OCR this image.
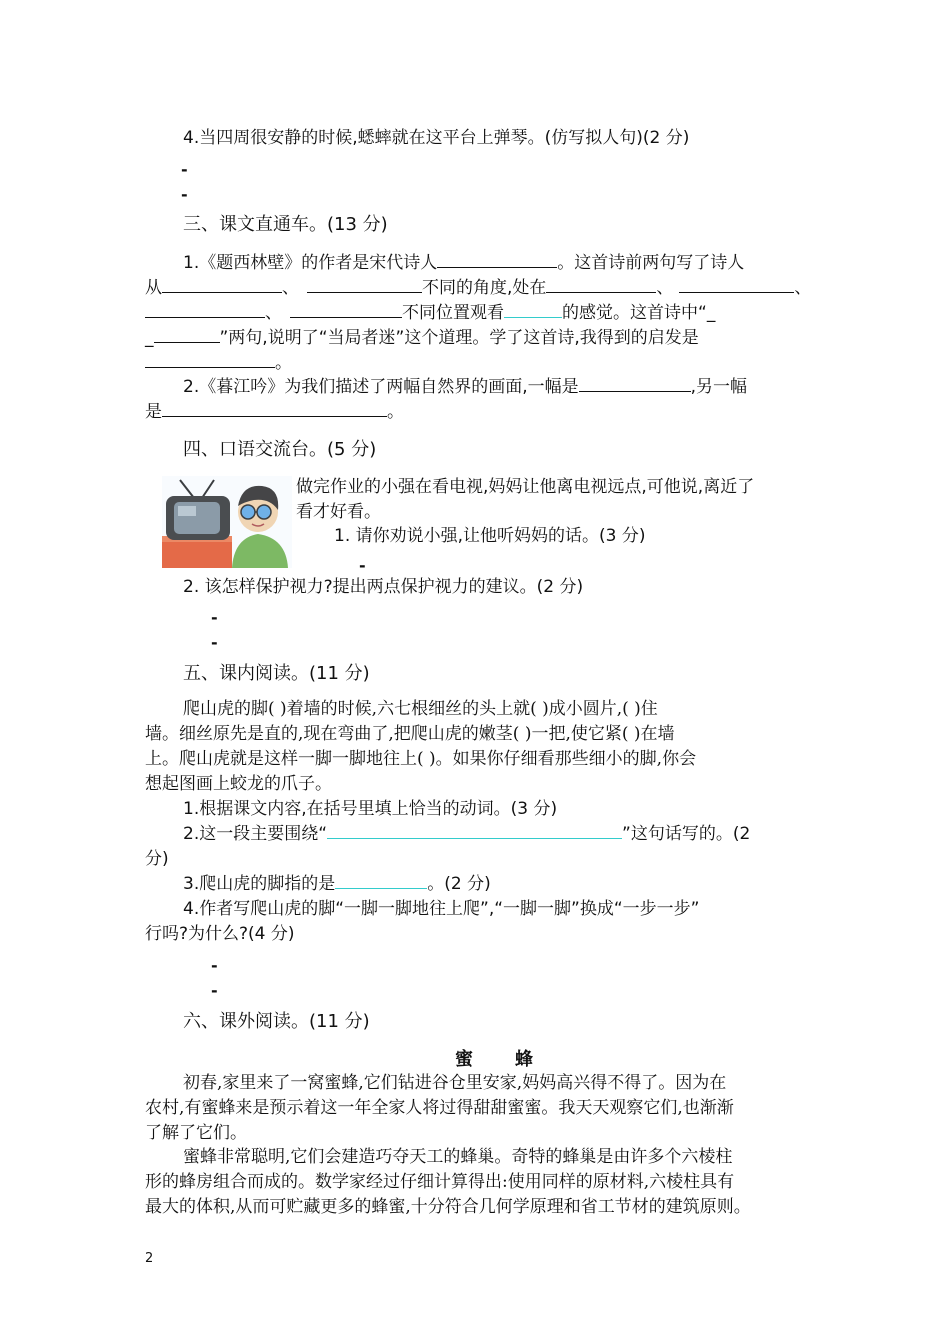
4.当四周很安静的时候,蟋蟀就在这平台上弹琴。(仿写拟人句)(2 分)
-
-
三、课文直通车。(13 分)
1.《题西林壁》的作者是宋代诗人	。这首诗前两句写了诗人
从	、	不同的角度,处在	、	、
、	不同位置观看	的感觉。这首诗中“_
_	”两句,说明了“当局者迷”这个道理。学了这首诗,我得到的启发是
。
2.《暮江吟》为我们描述了两幅自然界的画面,一幅是	,另一幅
是	。
四、口语交流台。(5 分)
做完作业的小强在看电视,妈妈让他离电视远点,可他说,离近了
看才好看。
1. 请你劝说小强,让他听妈妈的话。(3 分)
-
2. 该怎样保护视力?提出两点保护视力的建议。(2 分)
-
-
五、课内阅读。(11 分)
爬山虎的脚( )着墙的时候,六七根细丝的头上就( )成小圆片,( )住
墙。细丝原先是直的,现在弯曲了,把爬山虎的嫩茎( )一把,使它紧( )在墙
上。爬山虎就是这样一脚一脚地往上( )。如果你仔细看那些细小的脚,你会
想起图画上蛟龙的爪子。
1.根据课文内容,在括号里填上恰当的动词。(3 分)
2.这一段主要围绕“	”这句话写的。(2
分)
3.爬山虎的脚指的是	。(2 分)
4.作者写爬山虎的脚“一脚一脚地往上爬”,“一脚一脚”换成“一步一步”
行吗?为什么?(4 分)
-
-
六、课外阅读。(11 分)
蜜　　蜂
初春,家里来了一窝蜜蜂,它们钻进谷仓里安家,妈妈高兴得不得了。因为在
农村,有蜜蜂来是预示着这一年全家人将过得甜甜蜜蜜。我天天观察它们,也渐渐
了解了它们。
蜜蜂非常聪明,它们会建造巧夺天工的蜂巢。奇特的蜂巢是由许多个六棱柱
形的蜂房组合而成的。数学家经过仔细计算得出:使用同样的原材料,六棱柱具有
最大的体积,从而可贮藏更多的蜂蜜,十分符合几何学原理和省工节材的建筑原则。
2
